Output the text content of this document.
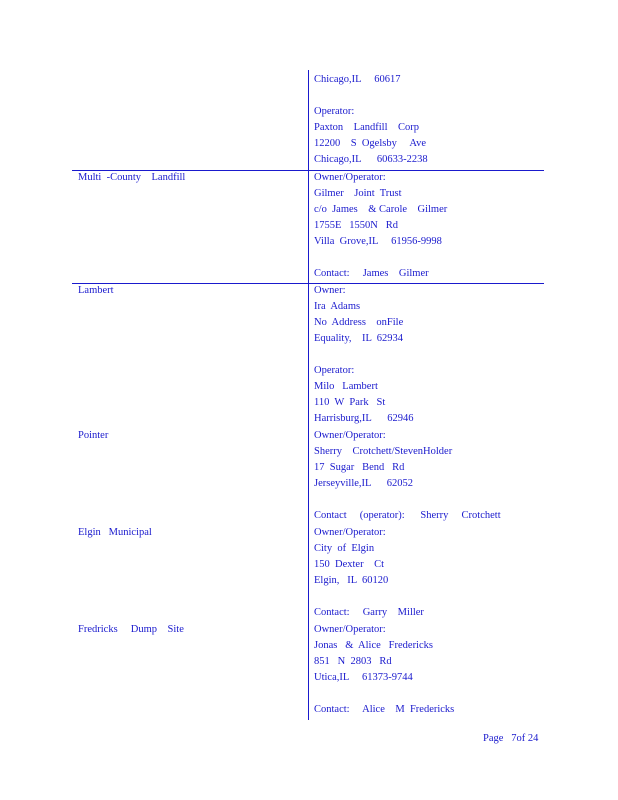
Chicago,IL     60617
Operator:
Paxton    Landfill    Corp
12200    S  Ogelsby     Ave
Chicago,IL      60633-2238
Multi  -County    Landfill	Owner/Operator:
Gilmer    Joint  Trust
c/o  James    & Carole    Gilmer
1755E   1550N   Rd
Villa  Grove,IL     61956-9998
Contact:     James    Gilmer
Lambert	Owner:
Ira  Adams
No  Address    onFile
Equality,    IL  62934
Operator:
Milo   Lambert
110  W  Park   St
Harrisburg,IL      62946
Pointer	Owner/Operator:
Sherry    Crotchett/StevenHolder
17  Sugar   Bend   Rd
Jerseyville,IL      62052
Contact     (operator):      Sherry     Crotchett
Elgin   Municipal	Owner/Operator:
City  of  Elgin
150  Dexter    Ct
Elgin,   IL  60120
Contact:     Garry    Miller
Fredricks     Dump    Site	Owner/Operator:
Jonas   &  Alice   Fredericks
851   N  2803   Rd
Utica,IL     61373-9744
Contact:     Alice    M  Fredericks
Page   7of 24
